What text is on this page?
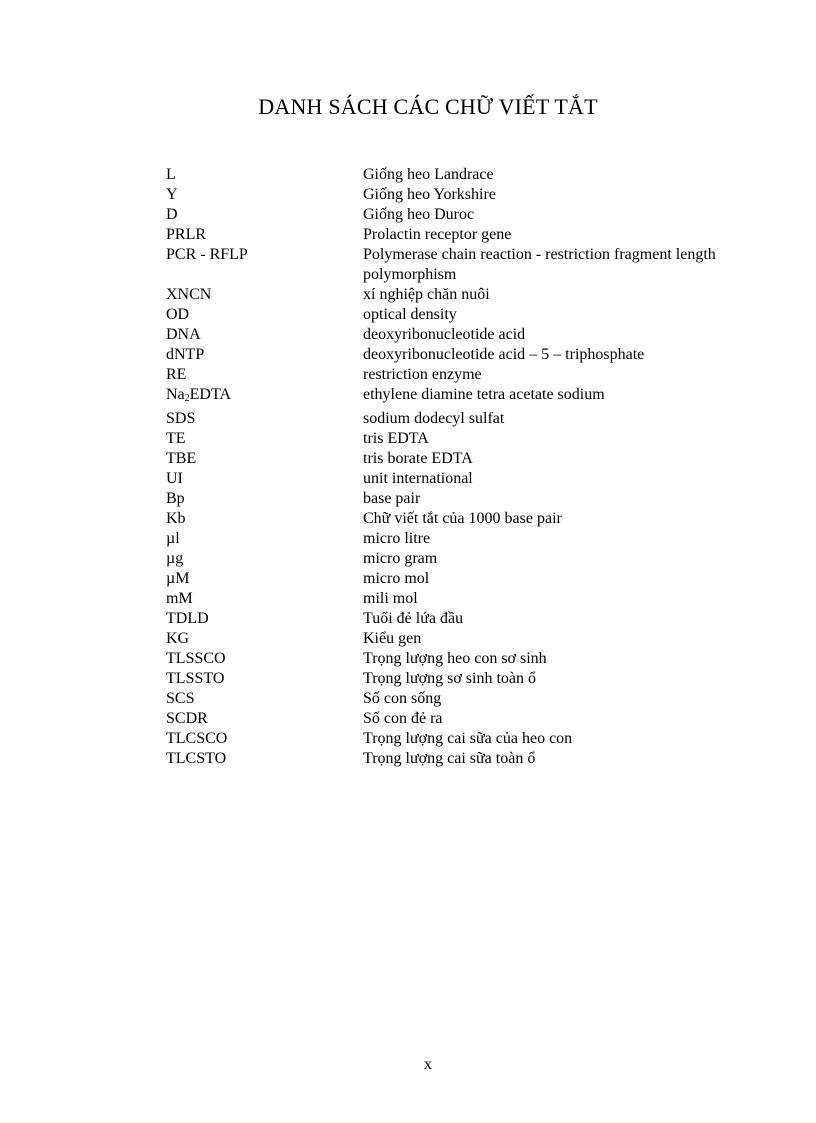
DANH SÁCH CÁC CHỮ VIẾT TẮT
L	Giống heo Landrace
Y	Giống heo Yorkshire
D	Giống heo Duroc
PRLR	Prolactin receptor gene
PCR - RFLP	Polymerase chain reaction - restriction fragment length polymorphism
XNCN	xí nghiệp chăn nuôi
OD	optical density
DNA	deoxyribonucleotide acid
dNTP	deoxyribonucleotide acid – 5 – triphosphate
RE	restriction enzyme
$Na_2EDTA$	ethylene diamine tetra acetate sodium
SDS	sodium dodecyl sulfat
TE	tris EDTA
TBE	tris borate EDTA
UI	unit international
Bp	base pair
Kb	Chữ viết tắt của 1000 base pair
µl	micro litre
µg	micro gram
µM	micro mol
mM	mili mol
TDLD	Tuổi đẻ lứa đầu
KG	Kiểu gen
TLSSCO	Trọng lượng heo con sơ sinh
TLSSTO	Trọng lượng sơ sinh toàn ổ
SCS	Số con sống
SCDR	Số con đẻ ra
TLCSCO	Trọng lượng cai sữa của heo con
TLCSTO	Trọng lượng cai sữa toàn ổ
x
